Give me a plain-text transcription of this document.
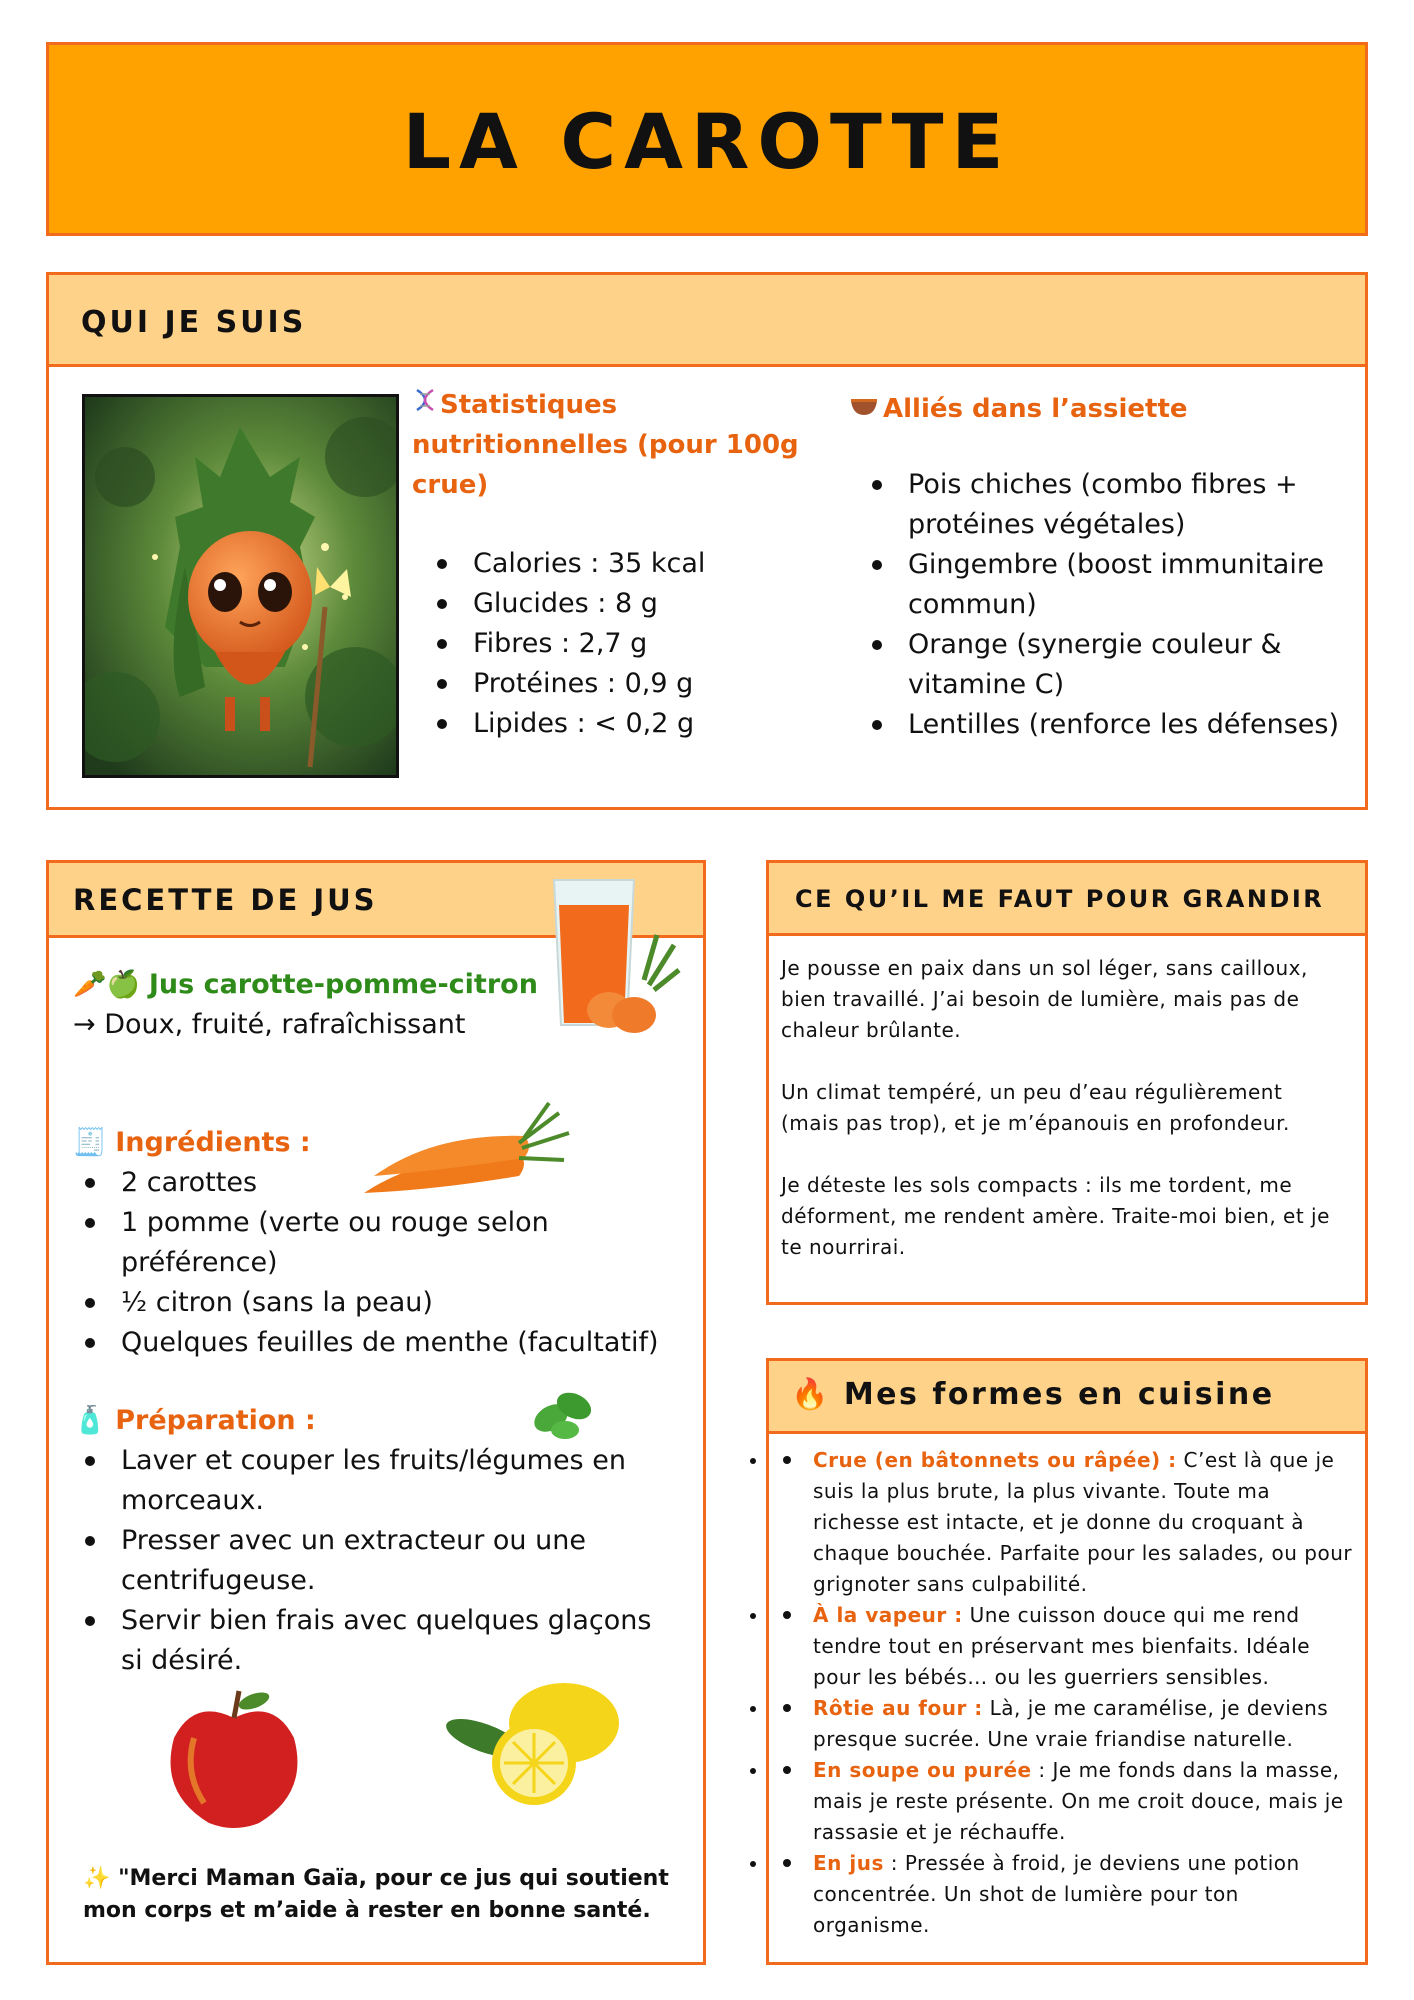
LA CAROTTE
QUI JE SUIS
Statistiques nutritionnelles (pour 100g crue)
Calories : 35 kcal
Glucides : 8 g
Fibres : 2,7 g
Protéines : 0,9 g
Lipides : < 0,2 g
Alliés dans l’assiette
Pois chiches (combo fibres + protéines végétales)
Gingembre (boost immunitaire commun)
Orange (synergie couleur & vitamine C)
Lentilles (renforce les défenses)
RECETTE DE JUS
🥕🍏 Jus carotte-pomme-citron
→ Doux, fruité, rafraîchissant
🧾 Ingrédients :
2 carottes
1 pomme (verte ou rouge selon préférence)
½ citron (sans la peau)
Quelques feuilles de menthe (facultatif)
🧴 Préparation :
Laver et couper les fruits/légumes en morceaux.
Presser avec un extracteur ou une centrifugeuse.
Servir bien frais avec quelques glaçons si désiré.
✨ "Merci Maman Gaïa, pour ce jus qui soutient mon corps et m’aide à rester en bonne santé.
CE QU’IL ME FAUT POUR GRANDIR

Je pousse en paix dans un sol léger, sans cailloux, bien travaillé. J’ai besoin de lumière, mais pas de chaleur brûlante.

Un climat tempéré, un peu d’eau régulièrement (mais pas trop), et je m’épanouis en profondeur.

Je déteste les sols compacts : ils me tordent, me déforment, me rendent amère. Traite-moi bien, et je te nourrirai.

🔥 Mes formes en cuisine
• Crue (en bâtonnets ou râpée) : C’est là que je suis la plus brute, la plus vivante. Toute ma richesse est intacte, et je donne du croquant à chaque bouchée. Parfaite pour les salades, ou pour grignoter sans culpabilité.
• À la vapeur : Une cuisson douce qui me rend tendre tout en préservant mes bienfaits. Idéale pour les bébés… ou les guerriers sensibles.
• Rôtie au four : Là, je me caramélise, je deviens presque sucrée. Une vraie friandise naturelle.
• En soupe ou purée : Je me fonds dans la masse, mais je reste présente. On me croit douce, mais je rassasie et je réchauffe.
• En jus : Pressée à froid, je deviens une potion concentrée. Un shot de lumière pour ton organisme.
